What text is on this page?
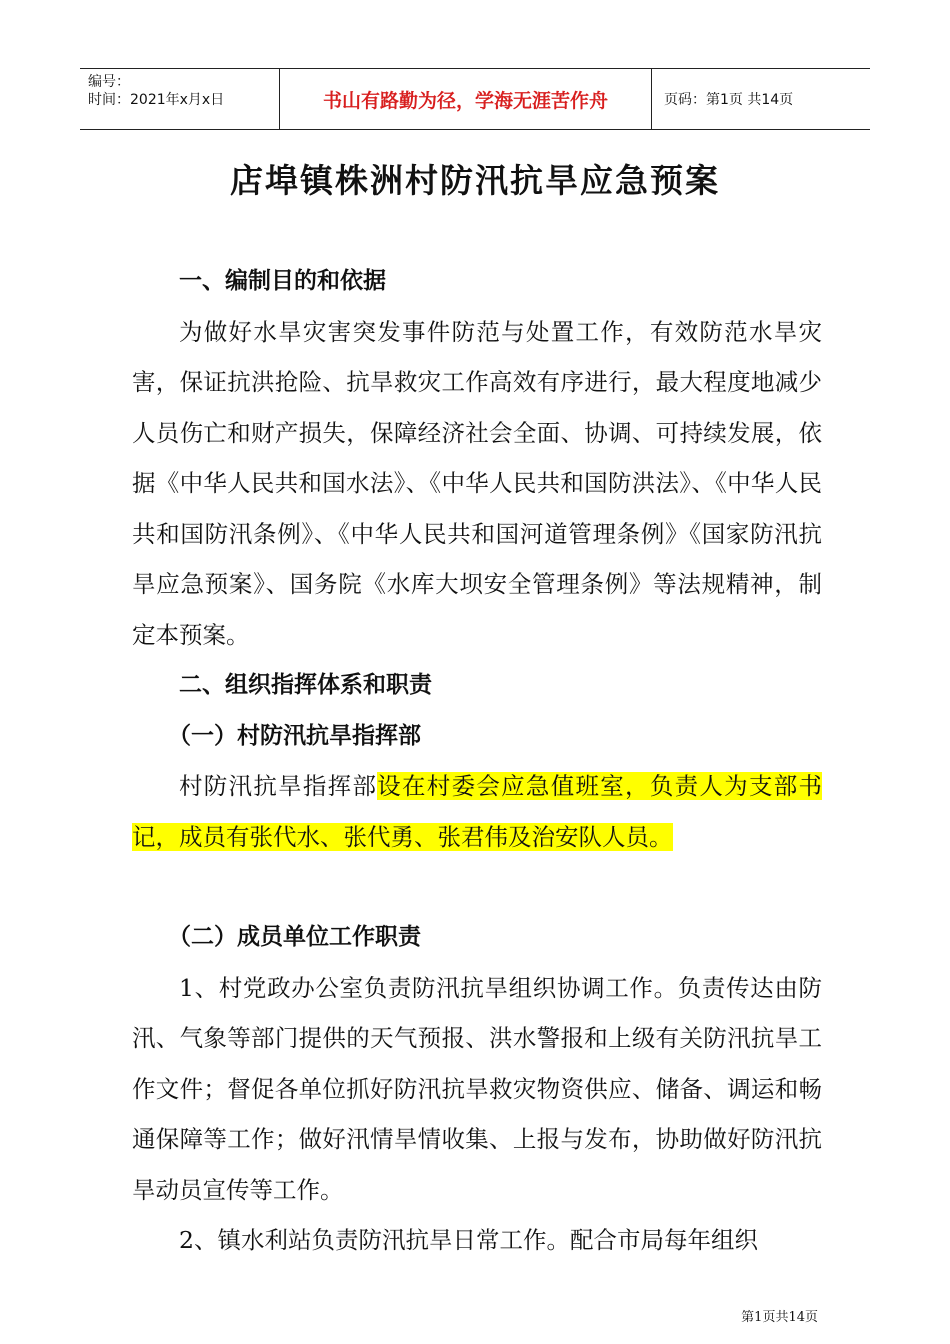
编号：
时间：2021年x月x日	书山有路勤为径，学海无涯苦作舟	页码：第1页 共14页
店埠镇株洲村防汛抗旱应急预案

一、编制目的和依据

为做好水旱灾害突发事件防范与处置工作，有效防范水旱灾害，保证抗洪抢险、抗旱救灾工作高效有序进行，最大程度地减少人员伤亡和财产损失，保障经济社会全面、协调、可持续发展，依据《中华人民共和国水法》、《中华人民共和国防洪法》、《中华人民共和国防汛条例》、《中华人民共和国河道管理条例》《国家防汛抗旱应急预案》、国务院《水库大坝安全管理条例》等法规精神，制定本预案。

二、组织指挥体系和职责

（一）村防汛抗旱指挥部

村防汛抗旱指挥部设在村委会应急值班室，负责人为支部书记，成员有张代水、张代勇、张君伟及治安队人员。

（二）成员单位工作职责

1、村党政办公室负责防汛抗旱组织协调工作。负责传达由防汛、气象等部门提供的天气预报、洪水警报和上级有关防汛抗旱工作文件；督促各单位抓好防汛抗旱救灾物资供应、储备、调运和畅通保障等工作；做好汛情旱情收集、上报与发布，协助做好防汛抗旱动员宣传等工作。

2、镇水利站负责防汛抗旱日常工作。配合市局每年组织

第1页共14页
